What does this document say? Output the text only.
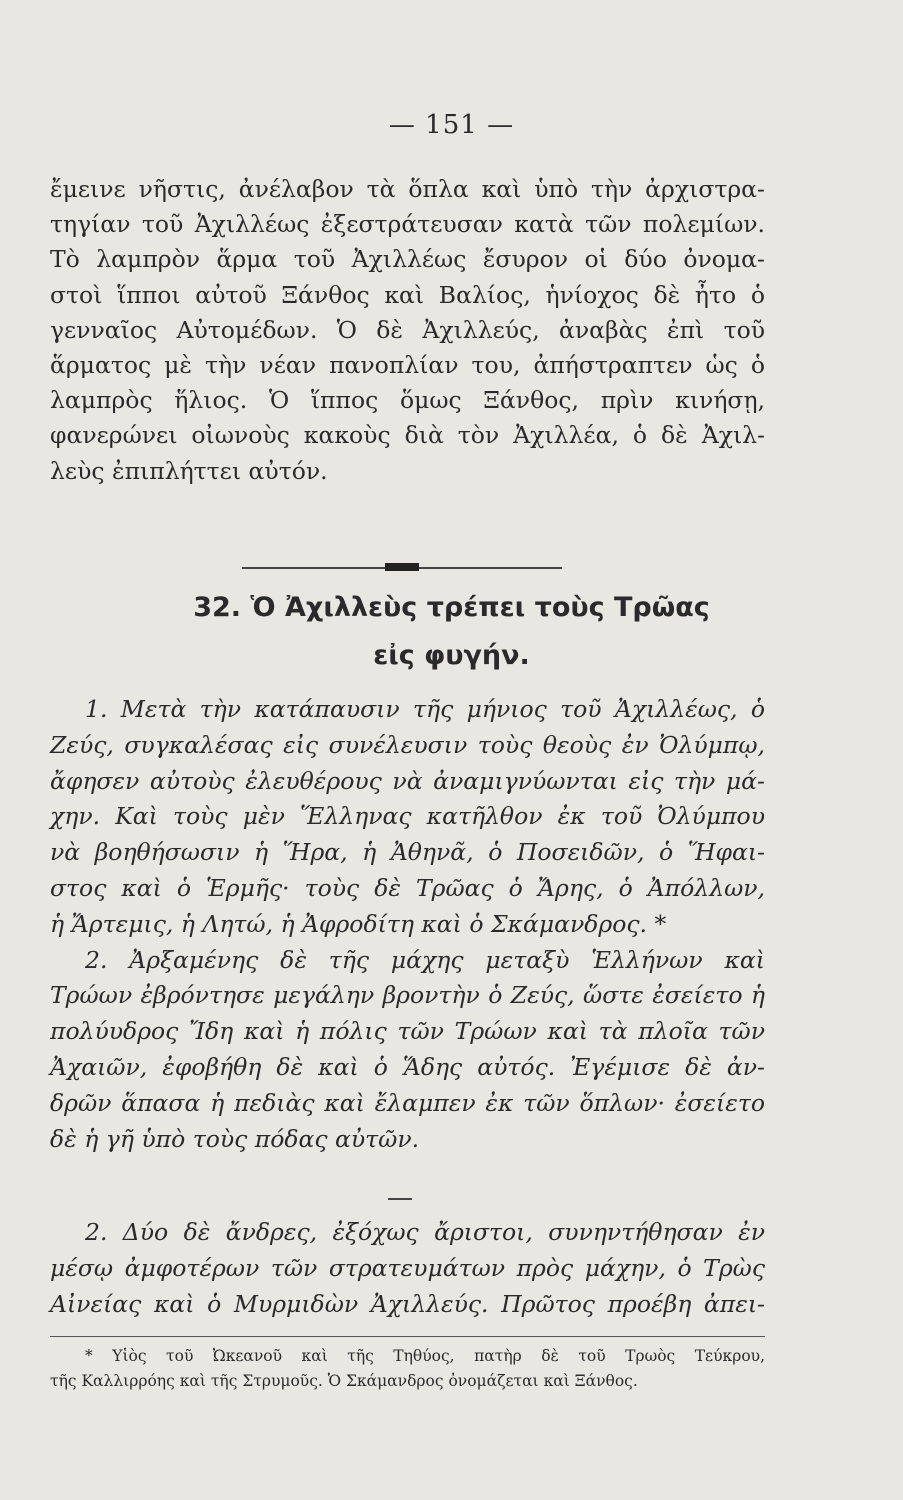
— 151 —
ἔμεινε νῆστις, ἀνέλαβον τὰ ὅπλα καὶ ὑπὸ τὴν ἀρχιστρα-
τηγίαν τοῦ Ἀχιλλέως ἐξεστράτευσαν κατὰ τῶν πολεμίων.
Τὸ λαμπρὸν ἅρμα τοῦ Ἀχιλλέως ἔσυρον οἱ δύο ὀνομα-
στοὶ ἵπποι αὐτοῦ Ξάνθος καὶ Βαλίος, ἡνίοχος δὲ ἦτο ὁ
γενναῖος Αὐτομέδων. Ὁ δὲ Ἀχιλλεύς, ἀναβὰς ἐπὶ τοῦ
ἅρματος μὲ τὴν νέαν πανοπλίαν του, ἀπήστραπτεν ὡς ὁ
λαμπρὸς ἥλιος. Ὁ ἵππος ὅμως Ξάνθος, πρὶν κινήσῃ,
φανερώνει οἰωνοὺς κακοὺς διὰ τὸν Ἀχιλλέα, ὁ δὲ Ἀχιλ-
λεὺς ἐπιπλήττει αὐτόν.
32. Ὁ Ἀχιλλεὺς τρέπει τοὺς Τρῶας
εἰς φυγήν.
1. Μετὰ τὴν κατάπαυσιν τῆς μήνιος τοῦ Ἀχιλλέως, ὁ
Ζεύς, συγκαλέσας εἰς συνέλευσιν τοὺς θεοὺς ἐν Ὀλύμπῳ,
ἄφησεν αὐτοὺς ἐλευθέρους νὰ ἀναμιγνύωνται εἰς τὴν μά-
χην. Καὶ τοὺς μὲν Ἕλληνας κατῆλθον ἐκ τοῦ Ὀλύμπου
νὰ βοηθήσωσιν ἡ Ἥρα, ἡ Ἀθηνᾶ, ὁ Ποσειδῶν, ὁ Ἥφαι-
στος καὶ ὁ Ἑρμῆς· τοὺς δὲ Τρῶας ὁ Ἄρης, ὁ Ἀπόλλων,
ἡ Ἄρτεμις, ἡ Λητώ, ἡ Ἀφροδίτη καὶ ὁ Σκάμανδρος. *
2. Ἀρξαμένης δὲ τῆς μάχης μεταξὺ Ἑλλήνων καὶ
Τρώων ἐβρόντησε μεγάλην βροντὴν ὁ Ζεύς, ὥστε ἐσείετο ἡ
πολύυδρος Ἴδη καὶ ἡ πόλις τῶν Τρώων καὶ τὰ πλοῖα τῶν
Ἀχαιῶν, ἐφοβήθη δὲ καὶ ὁ Ἅδης αὐτός. Ἐγέμισε δὲ ἀν-
δρῶν ἅπασα ἡ πεδιὰς καὶ ἔλαμπεν ἐκ τῶν ὅπλων· ἐσείετο
δὲ ἡ γῆ ὑπὸ τοὺς πόδας αὐτῶν.
2. Δύο δὲ ἄνδρες, ἐξόχως ἄριστοι, συνηντήθησαν ἐν
μέσῳ ἀμφοτέρων τῶν στρατευμάτων πρὸς μάχην, ὁ Τρὼς
Αἰνείας καὶ ὁ Μυρμιδὼν Ἀχιλλεύς. Πρῶτος προέβη ἀπει-
* Υἱὸς τοῦ Ὠκεανοῦ καὶ τῆς Τηθύος, πατὴρ δὲ τοῦ Τρωὸς Τεύκρου,
τῆς Καλλιρρόης καὶ τῆς Στρυμοῦς. Ὁ Σκάμανδρος ὀνομάζεται καὶ Ξάνθος.
